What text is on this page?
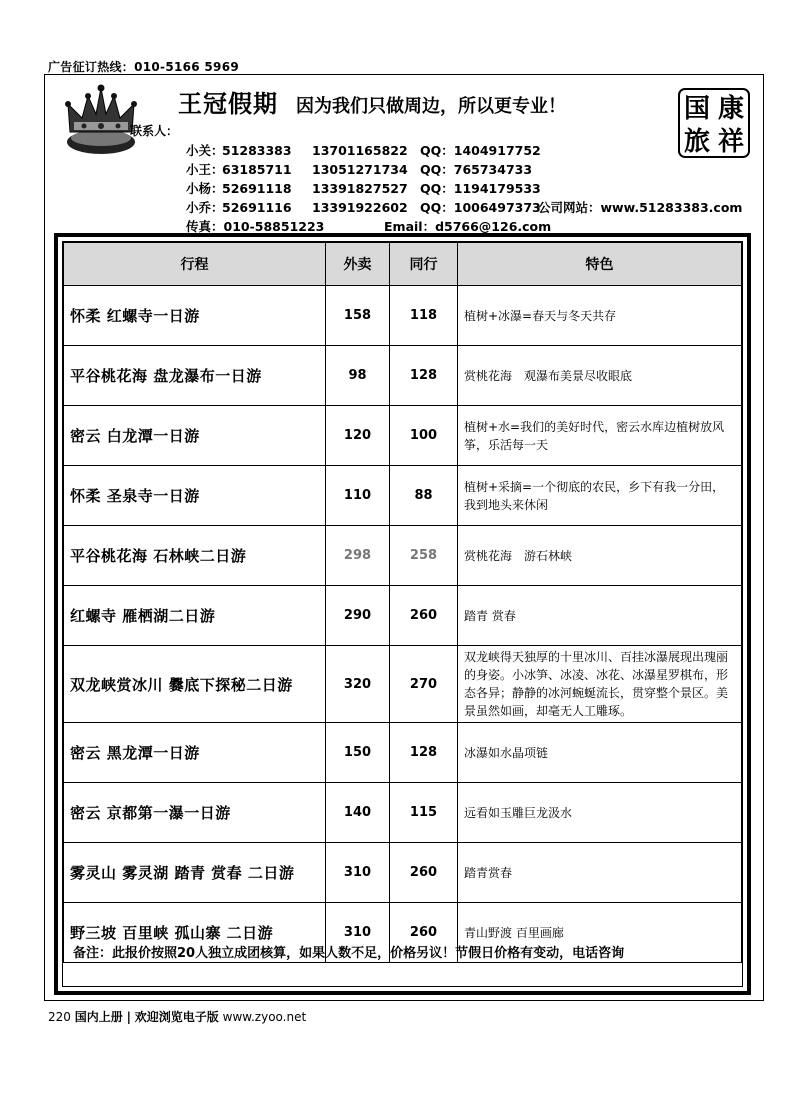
广告征订热线：010-5166 5969
王冠假期 因为我们只做周边，所以更专业！
联系人：
小关：51283383 13701165822 QQ：1404917752
小王：63185711 13051271734 QQ：765734733
小杨：52691118 13391827527 QQ：1194179533
小乔：52691116 13391922602 QQ：1006497373公司网站：www.51283383.com
传真：010-58851223	Email：d5766@126.com
国 康
旅 祥
行程	外卖	同行	特色
怀柔 红螺寺一日游	158	118	植树+冰瀑=春天与冬天共存
平谷桃花海 盘龙瀑布一日游	98	128	赏桃花海　观瀑布美景尽收眼底
密云 白龙潭一日游	120	100	植树+水=我们的美好时代，密云水库边植树放风筝，乐活每一天
怀柔 圣泉寺一日游	110	88	植树+采摘=一个彻底的农民，乡下有我一分田，我到地头来休闲
平谷桃花海 石林峡二日游	298	258	赏桃花海　游石林峡
红螺寺 雁栖湖二日游	290	260	踏青 赏春
双龙峡赏冰川 爨底下探秘二日游	320	270	双龙峡得天独厚的十里冰川、百挂冰瀑展现出瑰丽的身姿。小冰笋、冰凌、冰花、冰瀑星罗棋布，形态各异；静静的冰河蜿蜒流长，贯穿整个景区。美景虽然如画，却毫无人工雕琢。
密云 黑龙潭一日游	150	128	冰瀑如水晶项链
密云 京都第一瀑一日游	140	115	远看如玉雕巨龙汲水
雾灵山 雾灵湖 踏青 赏春 二日游	310	260	踏青赏春
野三坡 百里峡 孤山寨 二日游	310	260	青山野渡 百里画廊
备注：此报价按照20人独立成团核算，如果人数不足，价格另议！节假日价格有变动，电话咨询
220 国内上册 | 欢迎浏览电子版 www.zyoo.net
